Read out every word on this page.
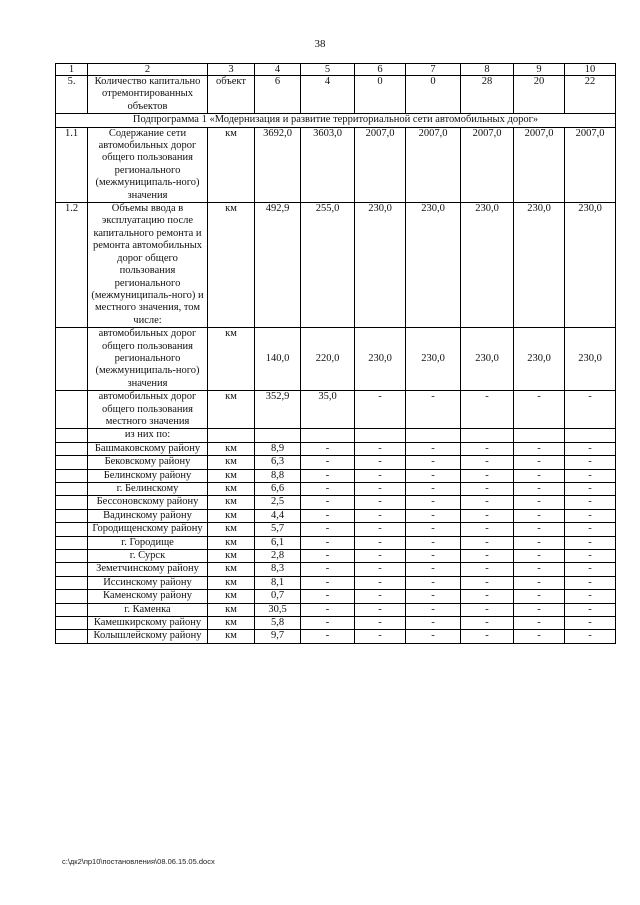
38
1	2	3	4	5	6	7	8	9	10
5.	Количество капитально отремонтированных объектов	объект	6	4	0	0	28	20	22
Подпрограмма 1 «Модернизация и развитие территориальной сети автомобильных дорог»									
1.1	Содержание сети автомобильных дорог общего пользования регионального (межмуниципаль-ного) значения	км	3692,0	3603,0	2007,0	2007,0	2007,0	2007,0	2007,0
1.2	Объемы ввода в эксплуатацию после капитального ремонта и ремонта автомобильных дорог общего пользования регионального (межмуниципаль-ного) и местного значения, том числе:	км	492,9	255,0	230,0	230,0	230,0	230,0	230,0
	автомобильных дорог общего пользования регионального (межмуниципаль-ного) значения	км	140,0	220,0	230,0	230,0	230,0	230,0	230,0
	автомобильных дорог общего пользования местного значения	км	352,9	35,0	-	-	-	-	-
	из них по:								
	Башмаковскому району	км	8,9	-	-	-	-	-	-
	Бековскому району	км	6,3	-	-	-	-	-	-
	Белинскому району	км	8,8	-	-	-	-	-	-
	г. Белинскому	км	6,6	-	-	-	-	-	-
	Бессоновскому району	км	2,5	-	-	-	-	-	-
	Вадинскому району	км	4,4	-	-	-	-	-	-
	Городищенскому району	км	5,7	-	-	-	-	-	-
	г. Городище	км	6,1	-	-	-	-	-	-
	г. Сурск	км	2,8	-	-	-	-	-	-
	Земетчинскому району	км	8,3	-	-	-	-	-	-
	Иссинскому району	км	8,1	-	-	-	-	-	-
	Каменскому району	км	0,7	-	-	-	-	-	-
	г. Каменка	км	30,5	-	-	-	-	-	-
	Камешкирскому району	км	5,8	-	-	-	-	-	-
	Колышлейскому району	км	9,7	-	-	-	-	-	-
c:\дк2\пр10\постановления\08.06.15.05.docx
